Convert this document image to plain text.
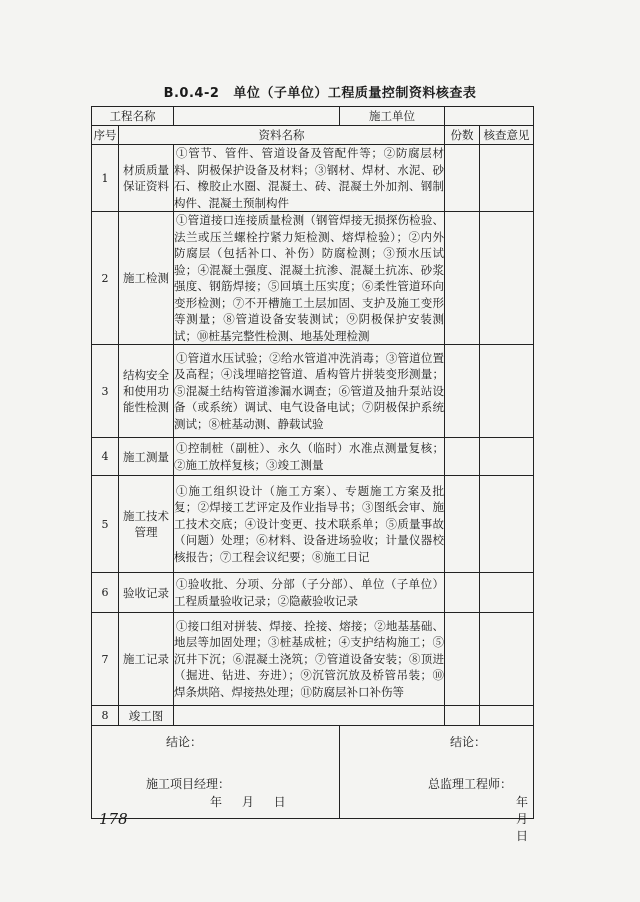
B.0.4-2 单位（子单位）工程质量控制资料核查表
工程名称			施工单位		
序号	资料名称			份数	核查意见
1	材质质量保证资料	①管节、管件、管道设备及管配件等；②防腐层材料、阴极保护设备及材料；③钢材、焊材、水泥、砂石、橡胶止水圈、混凝土、砖、混凝土外加剂、钢制构件、混凝土预制构件			
2	施工检测	①管道接口连接质量检测（钢管焊接无损探伤检验、法兰或压兰螺栓拧紧力矩检测、熔焊检验）；②内外防腐层（包括补口、补伤）防腐检测；③预水压试验；④混凝土强度、混凝土抗渗、混凝土抗冻、砂浆强度、钢筋焊接；⑤回填土压实度；⑥柔性管道环向变形检测；⑦不开槽施工土层加固、支护及施工变形等测量；⑧管道设备安装测试；⑨阴极保护安装测试；⑩桩基完整性检测、地基处理检测			
3	结构安全和使用功能性检测	①管道水压试验；②给水管道冲洗消毒；③管道位置及高程；④浅埋暗挖管道、盾构管片拼装变形测量；⑤混凝土结构管道渗漏水调查；⑥管道及抽升泵站设备（或系统）调试、电气设备电试；⑦阴极保护系统测试；⑧桩基动测、静载试验			
4	施工测量	①控制桩（副桩）、永久（临时）水准点测量复核；②施工放样复核；③竣工测量			
5	施工技术管理	①施工组织设计（施工方案）、专题施工方案及批复；②焊接工艺评定及作业指导书；③图纸会审、施工技术交底；④设计变更、技术联系单；⑤质量事故（问题）处理；⑥材料、设备进场验收；计量仪器校核报告；⑦工程会议纪要；⑧施工日记			
6	验收记录	①验收批、分项、分部（子分部）、单位（子单位）工程质量验收记录；②隐蔽验收记录			
7	施工记录	①接口组对拼装、焊接、拴接、熔接；②地基基础、地层等加固处理；③桩基成桩；④支护结构施工；⑤沉井下沉；⑥混凝土浇筑；⑦管道设备安装；⑧顶进（掘进、钻进、夯进）；⑨沉管沉放及桥管吊装；⑩焊条烘陪、焊接热处理；⑪防腐层补口补伤等			
8	竣工图				

结论：
施工项目经理：
年 月 日			结论：
总监理工程师：
年 月 日		
178
